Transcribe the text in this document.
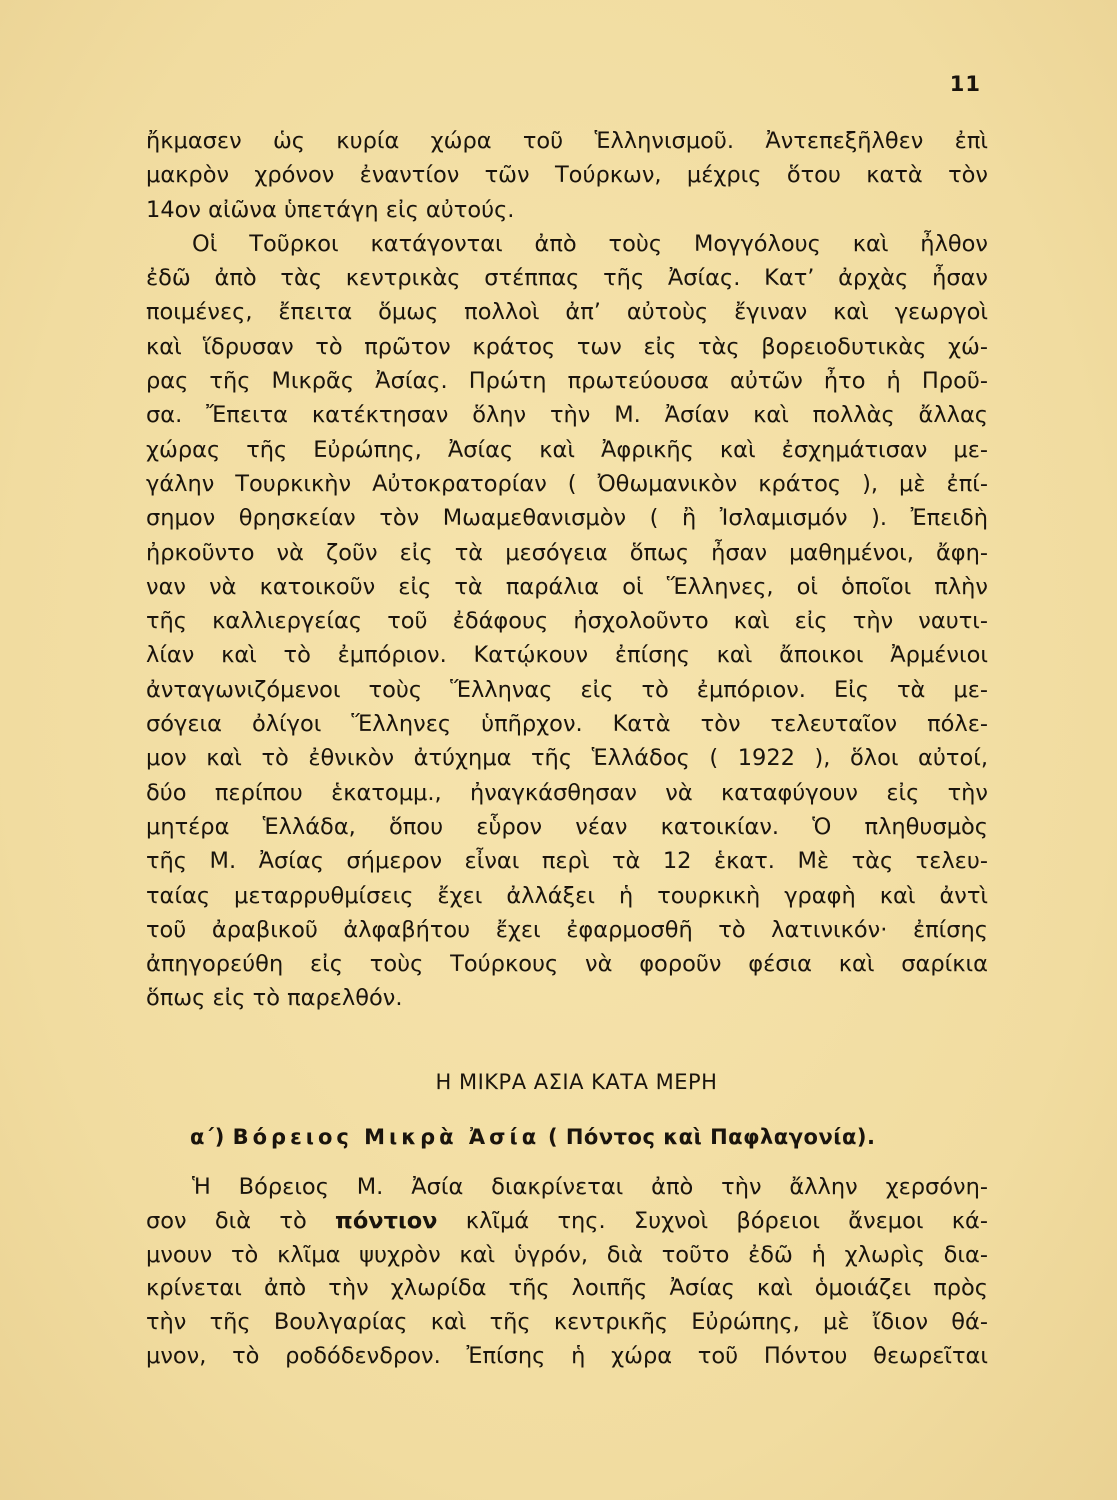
11
ἤκμασεν ὡς κυρία χώρα τοῦ Ἑλληνισμοῦ. Ἀντεπεξῆλθεν ἐπὶ
μακρὸν χρόνον ἐναντίον τῶν Τούρκων, μέχρις ὅτου κατὰ τὸν
14ον αἰῶνα ὑπετάγη εἰς αὐτούς.
Οἱ Τοῦρκοι κατάγονται ἀπὸ τοὺς Μογγόλους καὶ ἦλθον
ἐδῶ ἀπὸ τὰς κεντρικὰς στέππας τῆς Ἀσίας. Κατ’ ἀρχὰς ἦσαν
ποιμένες, ἔπειτα ὅμως πολλοὶ ἀπ’ αὐτοὺς ἔγιναν καὶ γεωργοὶ
καὶ ἵδρυσαν τὸ πρῶτον κράτος των εἰς τὰς βορειοδυτικὰς χώ-
ρας τῆς Μικρᾶς Ἀσίας. Πρώτη πρωτεύουσα αὐτῶν ἦτο ἡ Προῦ-
σα. Ἔπειτα κατέκτησαν ὅλην τὴν Μ. Ἀσίαν καὶ πολλὰς ἄλλας
χώρας τῆς Εὐρώπης, Ἀσίας καὶ Ἀφρικῆς καὶ ἐσχημάτισαν με-
γάλην Τουρκικὴν Αὐτοκρατορίαν ( Ὀθωμανικὸν κράτος ), μὲ ἐπί-
σημον θρησκείαν τὸν Μωαμεθανισμὸν ( ἢ Ἰσλαμισμόν ). Ἐπειδὴ
ἠρκοῦντο νὰ ζοῦν εἰς τὰ μεσόγεια ὅπως ἦσαν μαθημένοι, ἄφη-
ναν νὰ κατοικοῦν εἰς τὰ παράλια οἱ Ἕλληνες, οἱ ὁποῖοι πλὴν
τῆς καλλιεργείας τοῦ ἐδάφους ἠσχολοῦντο καὶ εἰς τὴν ναυτι-
λίαν καὶ τὸ ἐμπόριον. Κατῴκουν ἐπίσης καὶ ἄποικοι Ἀρμένιοι
ἀνταγωνιζόμενοι τοὺς Ἕλληνας εἰς τὸ ἐμπόριον. Εἰς τὰ με-
σόγεια ὀλίγοι Ἕλληνες ὑπῆρχον. Κατὰ τὸν τελευταῖον πόλε-
μον καὶ τὸ ἐθνικὸν ἀτύχημα τῆς Ἑλλάδος ( 1922 ), ὅλοι αὐτοί,
δύο περίπου ἑκατομμ., ἠναγκάσθησαν νὰ καταφύγουν εἰς τὴν
μητέρα Ἑλλάδα, ὅπου εὗρον νέαν κατοικίαν. Ὁ πληθυσμὸς
τῆς Μ. Ἀσίας σήμερον εἶναι περὶ τὰ 12 ἑκατ. Μὲ τὰς τελευ-
ταίας μεταρρυθμίσεις ἔχει ἀλλάξει ἡ τουρκικὴ γραφὴ καὶ ἀντὶ
τοῦ ἀραβικοῦ ἀλφαβήτου ἔχει ἐφαρμοσθῆ τὸ λατινικόν· ἐπίσης
ἀπηγορεύθη εἰς τοὺς Τούρκους νὰ φοροῦν φέσια καὶ σαρίκια
ὅπως εἰς τὸ παρελθόν.
Η ΜΙΚΡΑ ΑΣΙΑ ΚΑΤΑ ΜΕΡΗ
α΄) Βόρειος Μικρὰ Ἀσία ( Πόντος καὶ Παφλαγονία).
Ἡ Βόρειος Μ. Ἀσία διακρίνεται ἀπὸ τὴν ἄλλην χερσόνη-
σον διὰ τὸ πόντιον κλῖμά της. Συχνοὶ βόρειοι ἄνεμοι κά-
μνουν τὸ κλῖμα ψυχρὸν καὶ ὑγρόν, διὰ τοῦτο ἐδῶ ἡ χλωρὶς δια-
κρίνεται ἀπὸ τὴν χλωρίδα τῆς λοιπῆς Ἀσίας καὶ ὁμοιάζει πρὸς
τὴν τῆς Βουλγαρίας καὶ τῆς κεντρικῆς Εὐρώπης, μὲ ἴδιον θά-
μνον, τὸ ροδόδενδρον. Ἐπίσης ἡ χώρα τοῦ Πόντου θεωρεῖται
